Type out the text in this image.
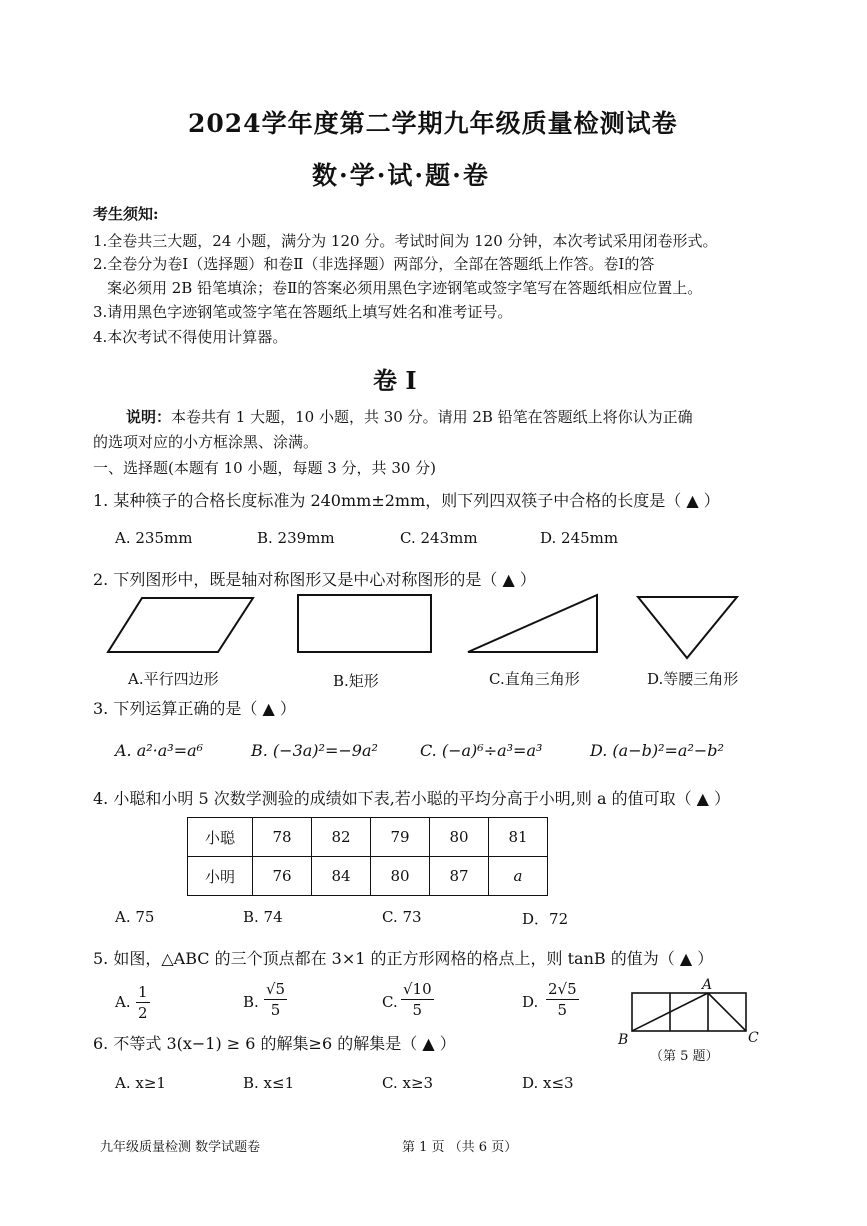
2024学年度第二学期九年级质量检测试卷
数·学·试·题·卷
考生须知:
1.全卷共三大题，24 小题，满分为 120 分。考试时间为 120 分钟，本次考试采用闭卷形式。
2.全卷分为卷Ⅰ（选择题）和卷Ⅱ（非选择题）两部分，全部在答题纸上作答。卷Ⅰ的答
案必须用 2B 铅笔填涂；卷Ⅱ的答案必须用黑色字迹钢笔或签字笔写在答题纸相应位置上。
3.请用黑色字迹钢笔或签字笔在答题纸上填写姓名和准考证号。
4.本次考试不得使用计算器。
卷 Ⅰ
说明：本卷共有 1 大题，10 小题，共 30 分。请用 2B 铅笔在答题纸上将你认为正确
的选项对应的小方框涂黑、涂满。
一、选择题(本题有 10 小题，每题 3 分，共 30 分)
1. 某种筷子的合格长度标准为 240mm±2mm，则下列四双筷子中合格的长度是（ ▲ ）
A. 235mm	B. 239mm	C. 243mm	D. 245mm
2. 下列图形中，既是轴对称图形又是中心对称图形的是（ ▲ ）
A.平行四边形	B.矩形	C.直角三角形	D.等腰三角形
3. 下列运算正确的是（ ▲ ）
A. a²·a³=a⁶	B. (−3a)²=−9a²	C. (−a)⁶÷a³=a³	D. (a−b)²=a²−b²
4. 小聪和小明 5 次数学测验的成绩如下表,若小聪的平均分高于小明,则 a 的值可取（ ▲ ）
小聪	78	82	79	80	81
小明	76	84	80	87	a
A. 75	B. 74	C. 73	D．72
5. 如图，△ABC 的三个顶点都在 3×1 的正方形网格的格点上，则 tanB 的值为（ ▲ ）
A. $\frac{1}{2}$	B. $\frac{√5}{5}$	C. $\frac{√10}{5}$	D. $\frac{2√5}{5}$	A
B	C
（第 5 题）
6. 不等式 3(x−1) ≥ 6 的解集≥6 的解集是（ ▲ ）
A. x≥1	B. x≤1	C. x≥3	D. x≤3
九年级质量检测 数学试题卷	第 1 页 （共 6 页）
